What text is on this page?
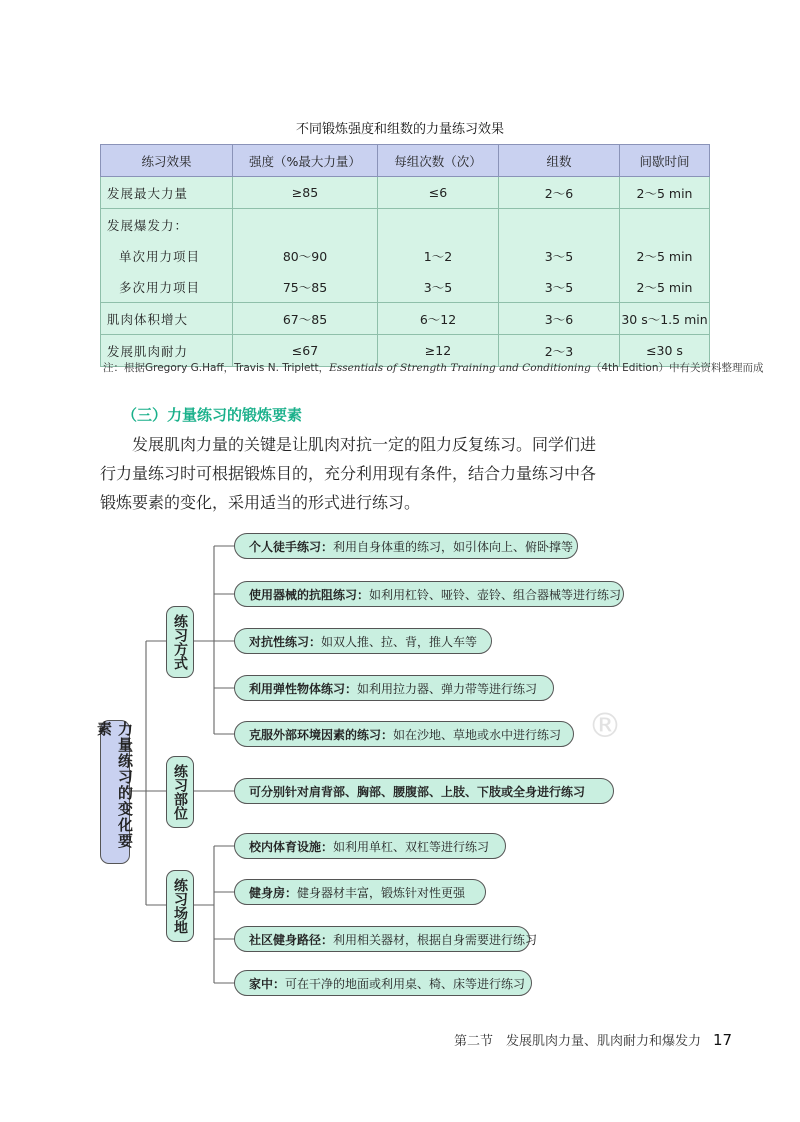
不同锻炼强度和组数的力量练习效果
练习效果	强度（%最大力量）	每组次数（次）	组数	间歇时间
发展最大力量	≥85	≤6	2～6	2～5 min
发展爆发力：				
单次用力项目	80～90	1～2	3～5	2～5 min
多次用力项目	75～85	3～5	3～5	2～5 min
肌肉体积增大	67～85	6～12	3～6	30 s～1.5 min
发展肌肉耐力	≤67	≥12	2～3	≤30 s
注：根据Gregory G.Haff，Travis N. Triplett，Essentials of Strength Training and Conditioning（4th Edition）中有关资料整理而成
（三）力量练习的锻炼要素

发展肌肉力量的关键是让肌肉对抗一定的阻力反复练习。同学们进行力量练习时可根据锻炼目的，充分利用现有条件，结合力量练习中各锻炼要素的变化，采用适当的形式进行练习。

®
力量练习的变化要素
练习方式
练习部位
练习场地
个人徒手练习：利用自身体重的练习，如引体向上、俯卧撑等
使用器械的抗阻练习：如利用杠铃、哑铃、壶铃、组合器械等进行练习
对抗性练习：如双人推、拉、背，推人车等
利用弹性物体练习：如利用拉力器、弹力带等进行练习
克服外部环境因素的练习：如在沙地、草地或水中进行练习
可分别针对肩背部、胸部、腰腹部、上肢、下肢或全身进行练习
校内体育设施：如利用单杠、双杠等进行练习
健身房：健身器材丰富，锻炼针对性更强
社区健身路径：利用相关器材，根据自身需要进行练习
家中：可在干净的地面或利用桌、椅、床等进行练习
第二节　发展肌肉力量、肌肉耐力和爆发力 17
